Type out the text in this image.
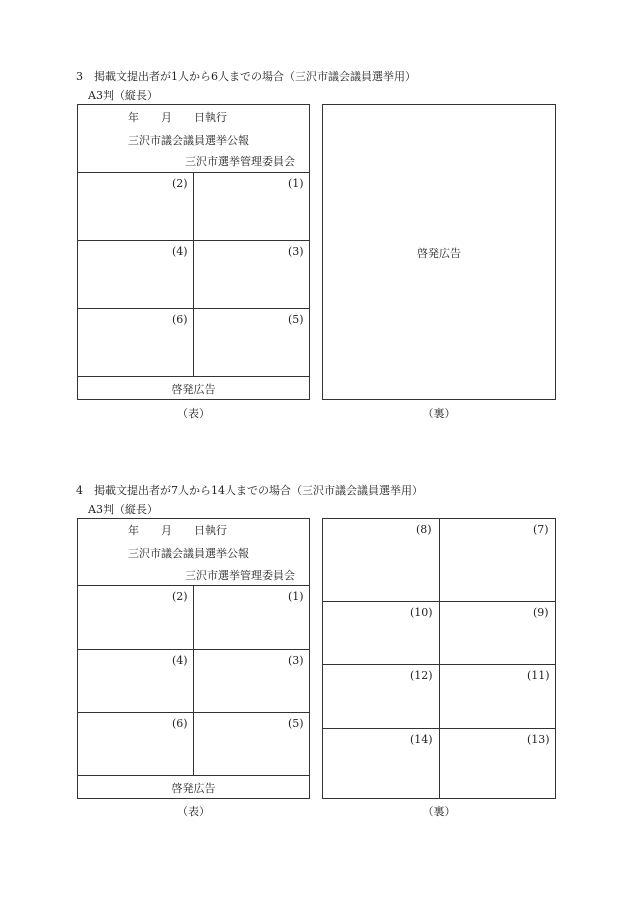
3　掲載文提出者が1人から6人までの場合（三沢市議会議員選挙用）
A3判（縦長）
年　　月　　日執行
三沢市議会議員選挙公報
三沢市選挙管理委員会
(2)	(1)
(4)	(3)
(6)	(5)
啓発広告
啓発広告
（表）	（裏）
4　掲載文提出者が7人から14人までの場合（三沢市議会議員選挙用）
A3判（縦長）
年　　月　　日執行
三沢市議会議員選挙公報
三沢市選挙管理委員会
(2)	(1)
(4)	(3)
(6)	(5)
啓発広告
(8)	(7)
(10)	(9)
(12)	(11)
(14)	(13)
（表）	（裏）
